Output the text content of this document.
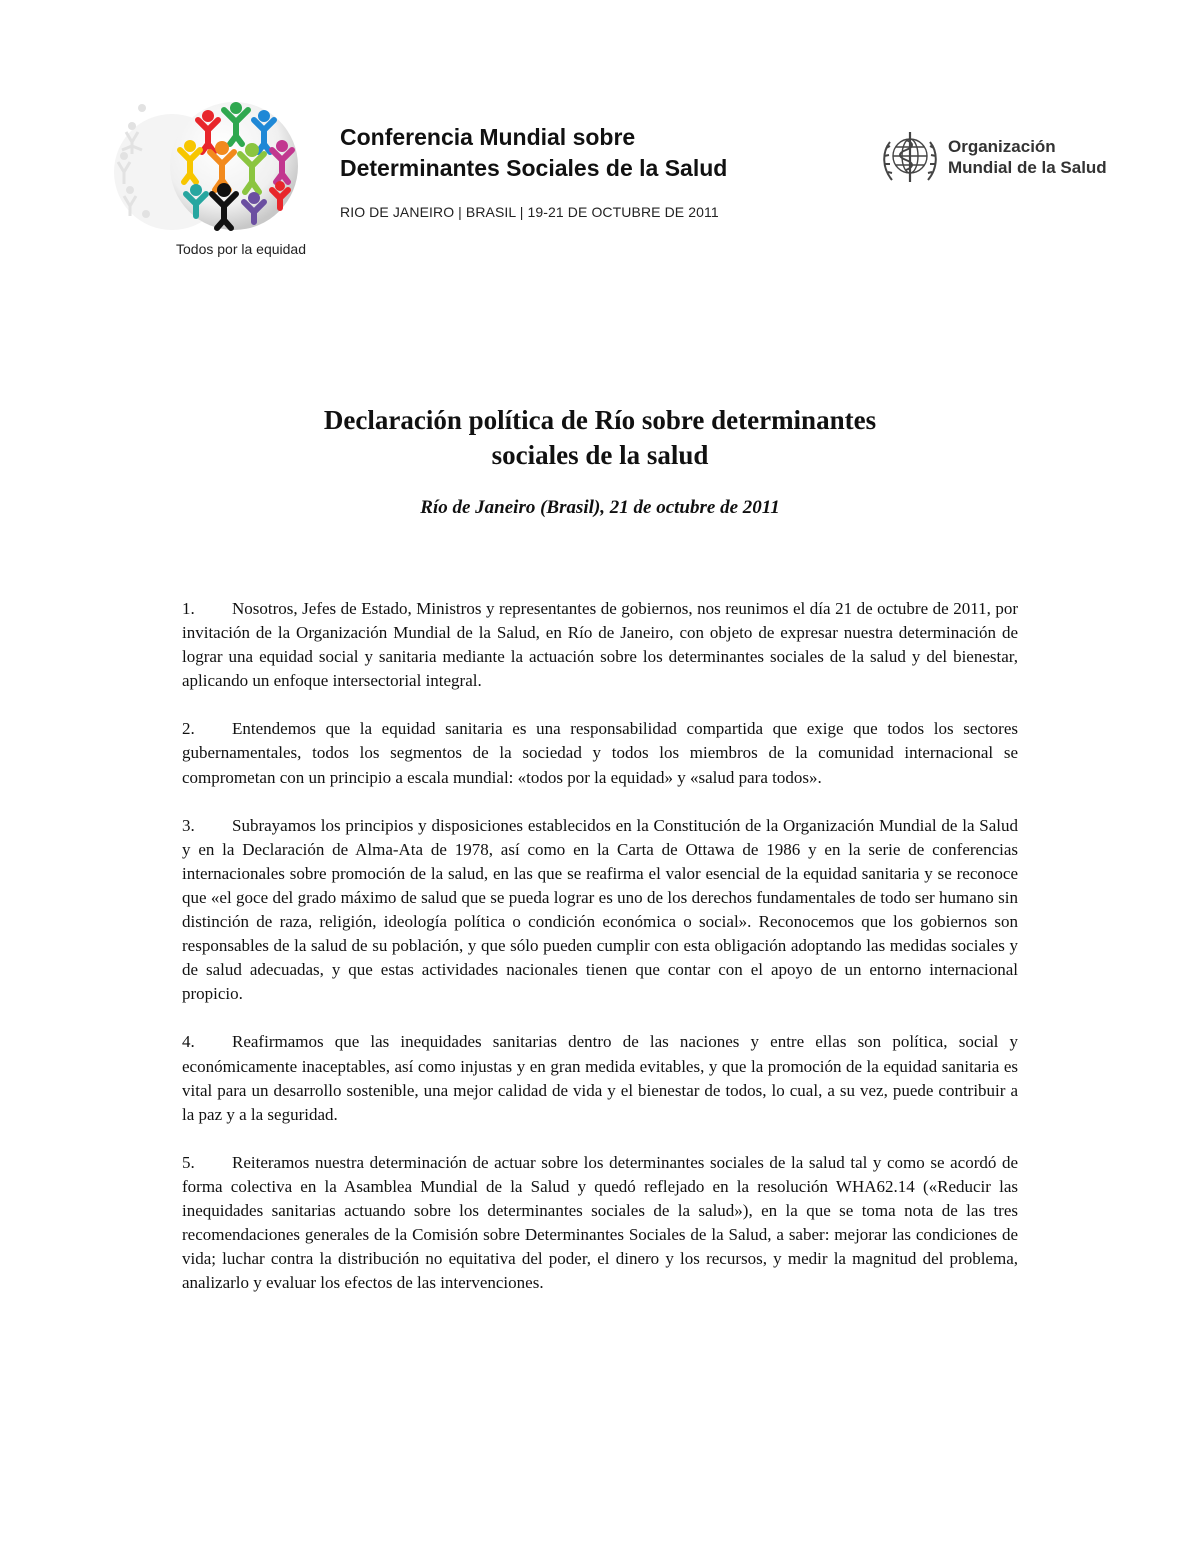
Conferencia Mundial sobre
Determinantes Sociales de la Salud
RIO DE JANEIRO | BRASIL | 19-21 DE OCTUBRE DE 2011
Todos por la equidad
Organización
Mundial de la Salud
Declaración política de Río sobre determinantes
sociales de la salud
Río de Janeiro (Brasil), 21 de octubre de 2011

1. Nosotros, Jefes de Estado, Ministros y representantes de gobiernos, nos reunimos el día 21 de octubre de 2011, por invitación de la Organización Mundial de la Salud, en Río de Janeiro, con objeto de expresar nuestra determinación de lograr una equidad social y sanitaria mediante la actuación sobre los determinantes sociales de la salud y del bienestar, aplicando un enfoque intersectorial integral.

2. Entendemos que la equidad sanitaria es una responsabilidad compartida que exige que todos los sectores gubernamentales, todos los segmentos de la sociedad y todos los miembros de la comunidad internacional se comprometan con un principio a escala mundial: «todos por la equidad» y «salud para todos».

3. Subrayamos los principios y disposiciones establecidos en la Constitución de la Organización Mundial de la Salud y en la Declaración de Alma-Ata de 1978, así como en la Carta de Ottawa de 1986 y en la serie de conferencias internacionales sobre promoción de la salud, en las que se reafirma el valor esencial de la equidad sanitaria y se reconoce que «el goce del grado máximo de salud que se pueda lograr es uno de los derechos fundamentales de todo ser humano sin distinción de raza, religión, ideología política o condición económica o social». Reconocemos que los gobiernos son responsables de la salud de su población, y que sólo pueden cumplir con esta obligación adoptando las medidas sociales y de salud adecuadas, y que estas actividades nacionales tienen que contar con el apoyo de un entorno internacional propicio.

4. Reafirmamos que las inequidades sanitarias dentro de las naciones y entre ellas son política, social y económicamente inaceptables, así como injustas y en gran medida evitables, y que la promoción de la equidad sanitaria es vital para un desarrollo sostenible, una mejor calidad de vida y el bienestar de todos, lo cual, a su vez, puede contribuir a la paz y a la seguridad.

5. Reiteramos nuestra determinación de actuar sobre los determinantes sociales de la salud tal y como se acordó de forma colectiva en la Asamblea Mundial de la Salud y quedó reflejado en la resolución WHA62.14 («Reducir las inequidades sanitarias actuando sobre los determinantes sociales de la salud»), en la que se toma nota de las tres recomendaciones generales de la Comisión sobre Determinantes Sociales de la Salud, a saber: mejorar las condiciones de vida; luchar contra la distribución no equitativa del poder, el dinero y los recursos, y medir la magnitud del problema, analizarlo y evaluar los efectos de las intervenciones.
